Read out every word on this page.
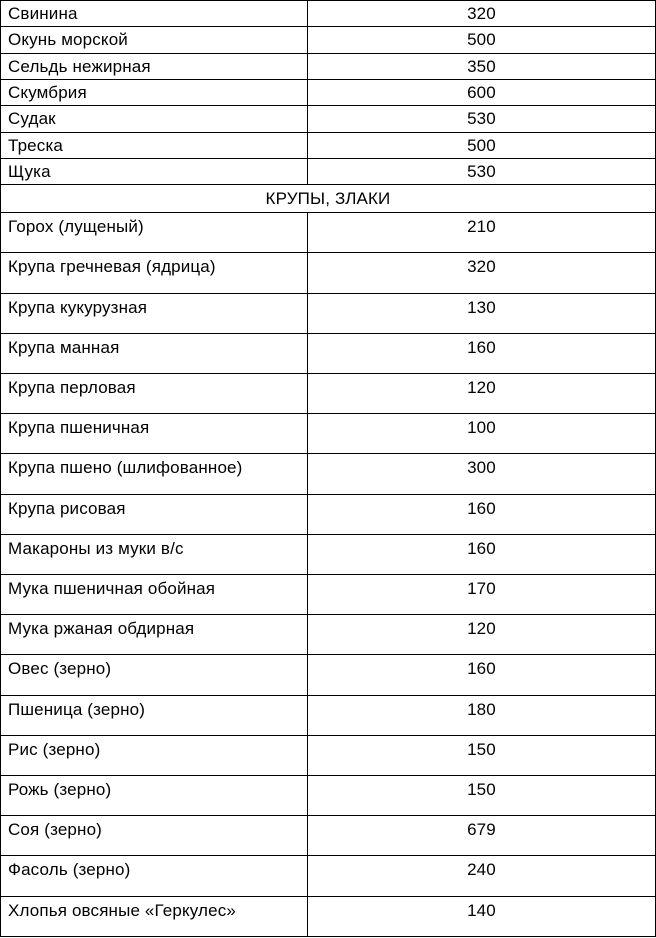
Свинина	320
Окунь морской	500
Сельдь нежирная	350
Скумбрия	600
Судак	530
Треска	500
Щука	530
КРУПЫ, ЗЛАКИ
Горох (лущеный)	210
Крупа гречневая (ядрица)	320
Крупа кукурузная	130
Крупа манная	160
Крупа перловая	120
Крупа пшеничная	100
Крупа пшено (шлифованное)	300
Крупа рисовая	160
Макароны из муки в/с	160
Мука пшеничная обойная	170
Мука ржаная обдирная	120
Овес (зерно)	160
Пшеница (зерно)	180
Рис (зерно)	150
Рожь (зерно)	150
Соя (зерно)	679
Фасоль (зерно)	240
Хлопья овсяные «Геркулес»	140
